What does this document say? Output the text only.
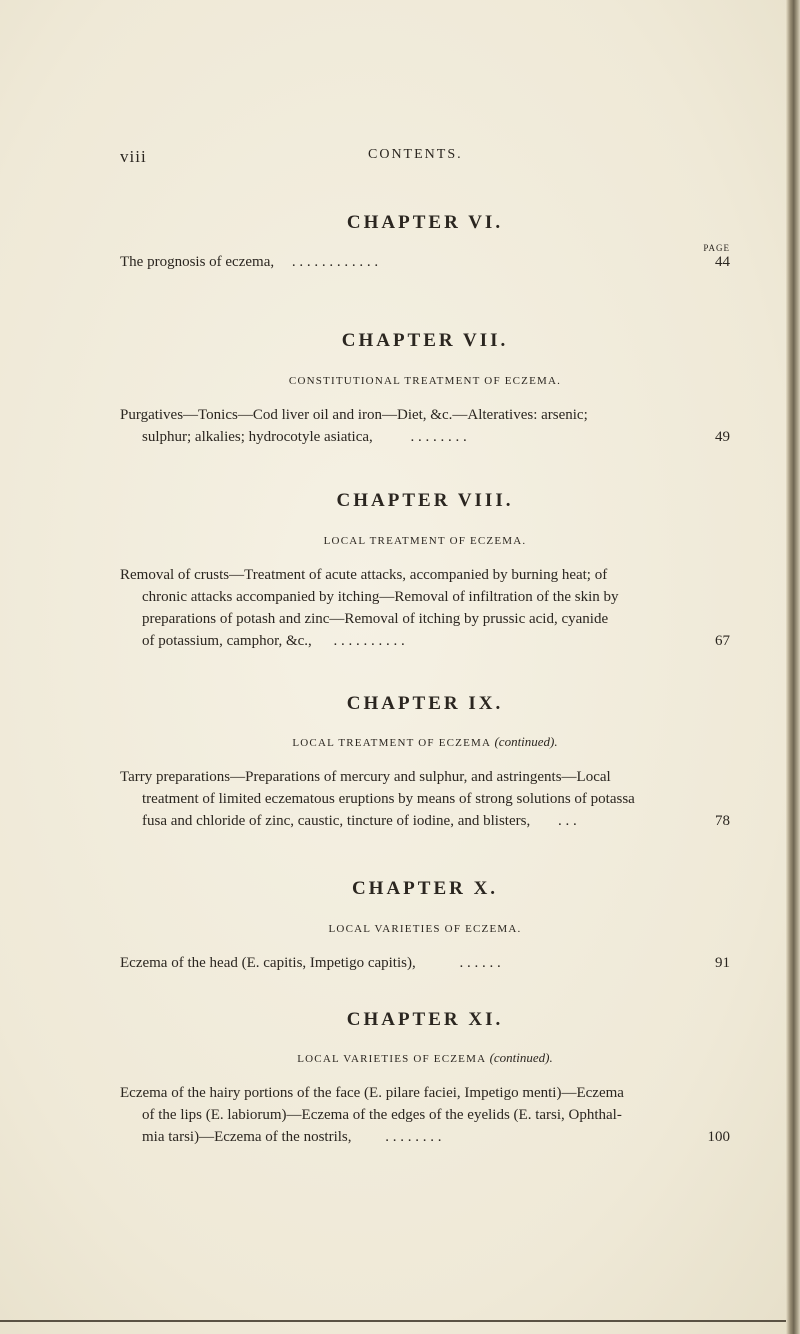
viii	CONTENTS.
CHAPTER VI.
PAGE
The prognosis of eczema, . . . . . . . . . . . .	44
CHAPTER VII.
CONSTITUTIONAL TREATMENT OF ECZEMA.
Purgatives—Tonics—Cod liver oil and iron—Diet, &c.—Alteratives: arsenic;
sulphur; alkalies; hydrocotyle asiatica,	. . . . . . . .	49
CHAPTER VIII.
LOCAL TREATMENT OF ECZEMA.
Removal of crusts—Treatment of acute attacks, accompanied by burning heat; of
chronic attacks accompanied by itching—Removal of infiltration of the skin by
preparations of potash and zinc—Removal of itching by prussic acid, cyanide
of potassium, camphor, &c., . . . . . . . . . .	67
CHAPTER IX.
LOCAL TREATMENT OF ECZEMA (continued).
Tarry preparations—Preparations of mercury and sulphur, and astringents—Local
treatment of limited eczematous eruptions by means of strong solutions of potassa
fusa and chloride of zinc, caustic, tincture of iodine, and blisters, . . .	78
CHAPTER X.
LOCAL VARIETIES OF ECZEMA.
Eczema of the head (E. capitis, Impetigo capitis),	. . . . . .	91
CHAPTER XI.
LOCAL VARIETIES OF ECZEMA (continued).
Eczema of the hairy portions of the face (E. pilare faciei, Impetigo menti)—Eczema
of the lips (E. labiorum)—Eczema of the edges of the eyelids (E. tarsi, Ophthal-
mia tarsi)—Eczema of the nostrils, . . . . . . . .	100
